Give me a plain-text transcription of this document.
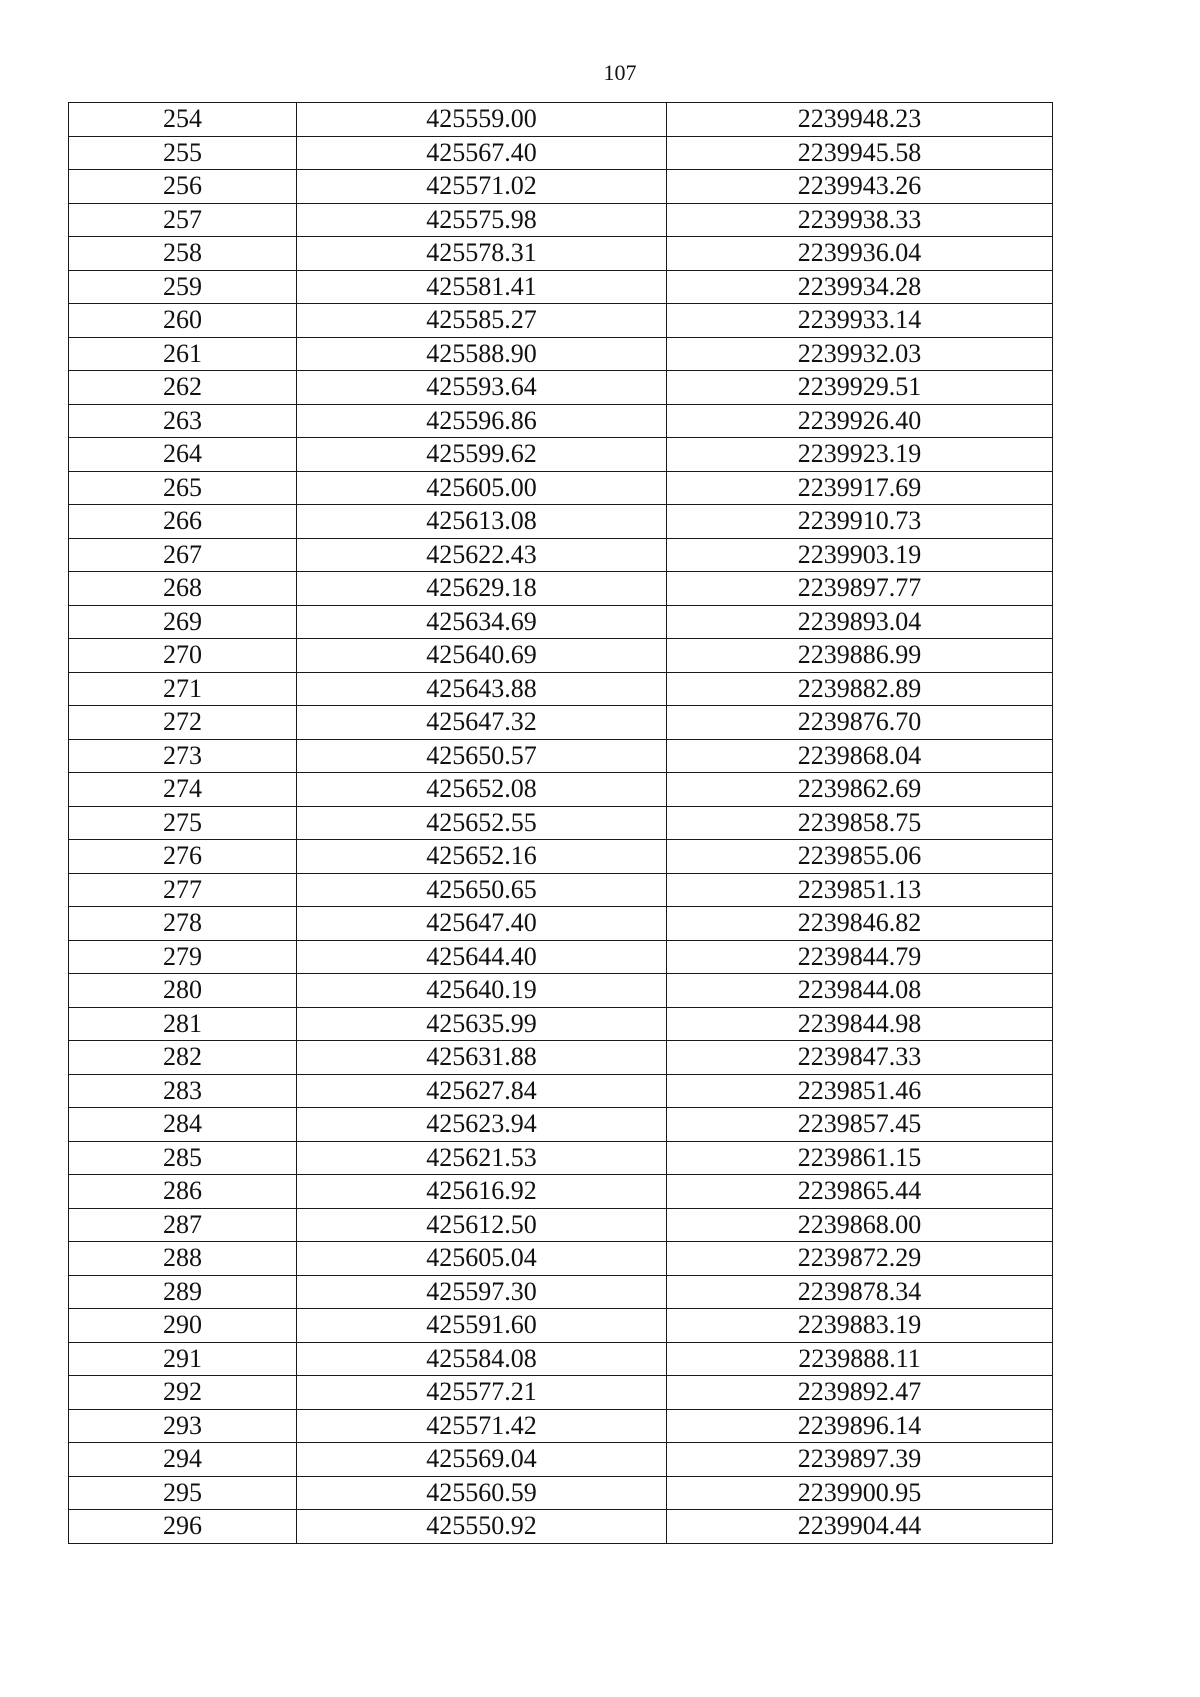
107
254	425559.00	2239948.23
255	425567.40	2239945.58
256	425571.02	2239943.26
257	425575.98	2239938.33
258	425578.31	2239936.04
259	425581.41	2239934.28
260	425585.27	2239933.14
261	425588.90	2239932.03
262	425593.64	2239929.51
263	425596.86	2239926.40
264	425599.62	2239923.19
265	425605.00	2239917.69
266	425613.08	2239910.73
267	425622.43	2239903.19
268	425629.18	2239897.77
269	425634.69	2239893.04
270	425640.69	2239886.99
271	425643.88	2239882.89
272	425647.32	2239876.70
273	425650.57	2239868.04
274	425652.08	2239862.69
275	425652.55	2239858.75
276	425652.16	2239855.06
277	425650.65	2239851.13
278	425647.40	2239846.82
279	425644.40	2239844.79
280	425640.19	2239844.08
281	425635.99	2239844.98
282	425631.88	2239847.33
283	425627.84	2239851.46
284	425623.94	2239857.45
285	425621.53	2239861.15
286	425616.92	2239865.44
287	425612.50	2239868.00
288	425605.04	2239872.29
289	425597.30	2239878.34
290	425591.60	2239883.19
291	425584.08	2239888.11
292	425577.21	2239892.47
293	425571.42	2239896.14
294	425569.04	2239897.39
295	425560.59	2239900.95
296	425550.92	2239904.44
